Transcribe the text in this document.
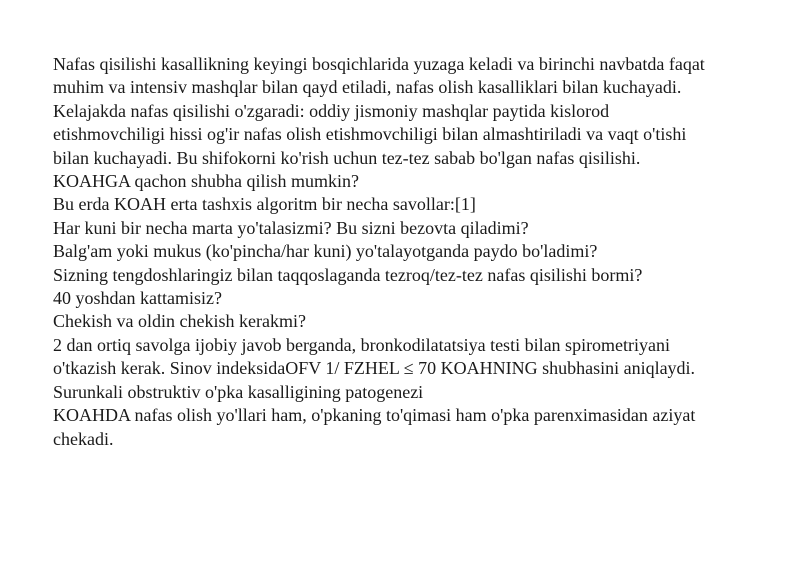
Nafas qisilishi kasallikning keyingi bosqichlarida yuzaga keladi va birinchi navbatda faqat
muhim va intensiv mashqlar bilan qayd etiladi, nafas olish kasalliklari bilan kuchayadi.
Kelajakda nafas qisilishi o'zgaradi: oddiy jismoniy mashqlar paytida kislorod
etishmovchiligi hissi og'ir nafas olish etishmovchiligi bilan almashtiriladi va vaqt o'tishi
bilan kuchayadi. Bu shifokorni ko'rish uchun tez-tez sabab bo'lgan nafas qisilishi.
KOAHGA qachon shubha qilish mumkin?
Bu erda KOAH erta tashxis algoritm bir necha savollar:[1]
Har kuni bir necha marta yo'talasizmi? Bu sizni bezovta qiladimi?
Balg'am yoki mukus (ko'pincha/har kuni) yo'talayotganda paydo bo'ladimi?
Sizning tengdoshlaringiz bilan taqqoslaganda tezroq/tez-tez nafas qisilishi bormi?
40 yoshdan kattamisiz?
Chekish va oldin chekish kerakmi?
2 dan ortiq savolga ijobiy javob berganda, bronkodilatatsiya testi bilan spirometriyani
o'tkazish kerak. Sinov indeksidaOFV 1/ FZHEL ≤ 70 KOAHNING shubhasini aniqlaydi.
Surunkali obstruktiv o'pka kasalligining patogenezi
KOAHDA nafas olish yo'llari ham, o'pkaning to'qimasi ham o'pka parenximasidan aziyat
chekadi.
